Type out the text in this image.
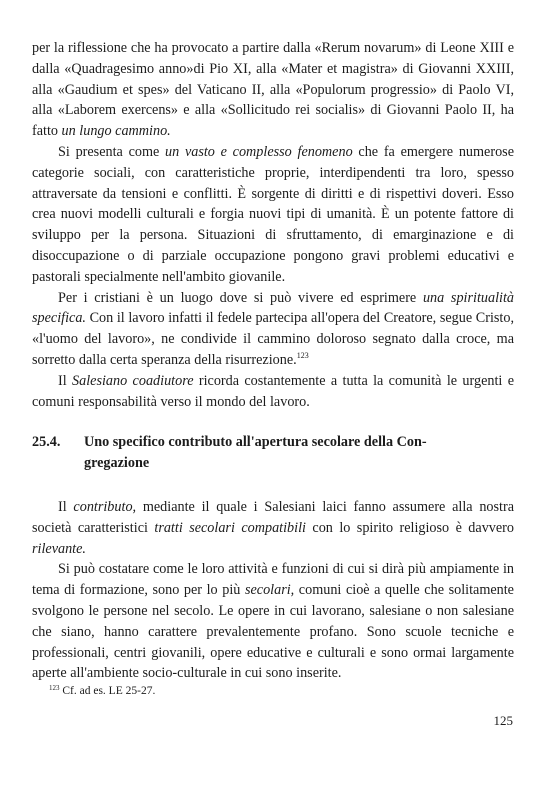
per la riflessione che ha provocato a partire dalla «Rerum novarum» di Leone XIII e dalla «Quadragesimo anno»di Pio XI, alla «Mater et magistra» di Giovanni XXIII, alla «Gaudium et spes» del Vaticano II, alla «Populorum progressio» di Paolo VI, alla «Laborem exercens» e alla «Sollicitudo rei socialis» di Giovanni Paolo II, ha fatto un lungo cammino.

Si presenta come un vasto e complesso fenomeno che fa emergere numerose categorie sociali, con caratteristiche proprie, interdipendenti tra loro, spesso attraversate da tensioni e conflitti. È sorgente di diritti e di rispettivi doveri. Esso crea nuovi modelli culturali e forgia nuovi tipi di umanità. È un potente fattore di sviluppo per la persona. Situazioni di sfruttamento, di emarginazione e di disoccupazione o di parziale occupazione pongono gravi problemi educativi e pastorali specialmente nell'ambito giovanile.

Per i cristiani è un luogo dove si può vivere ed esprimere una spiritualità specifica. Con il lavoro infatti il fedele partecipa all'opera del Creatore, segue Cristo, «l'uomo del lavoro», ne condivide il cammino doloroso segnato dalla croce, ma sorretto dalla certa speranza della risurrezione.$^{123}$

Il Salesiano coadiutore ricorda costantemente a tutta la comunità le urgenti e comuni responsabilità verso il mondo del lavoro.

25.4. Uno specifico contributo all'apertura secolare della Con-
gregazione

Il contributo, mediante il quale i Salesiani laici fanno assumere alla nostra società caratteristici tratti secolari compatibili con lo spirito religioso è davvero rilevante.

Si può costatare come le loro attività e funzioni di cui si dirà più ampiamente in tema di formazione, sono per lo più secolari, comuni cioè a quelle che solitamente svolgono le persone nel secolo. Le opere in cui lavorano, salesiane o non salesiane che siano, hanno carattere prevalentemente profano. Sono scuole tecniche e professionali, centri giovanili, opere educative e culturali e sono ormai largamente aperte all'ambiente socio-culturale in cui sono inserite.

$^{123}$ Cf. ad es. LE 25-27.
125
